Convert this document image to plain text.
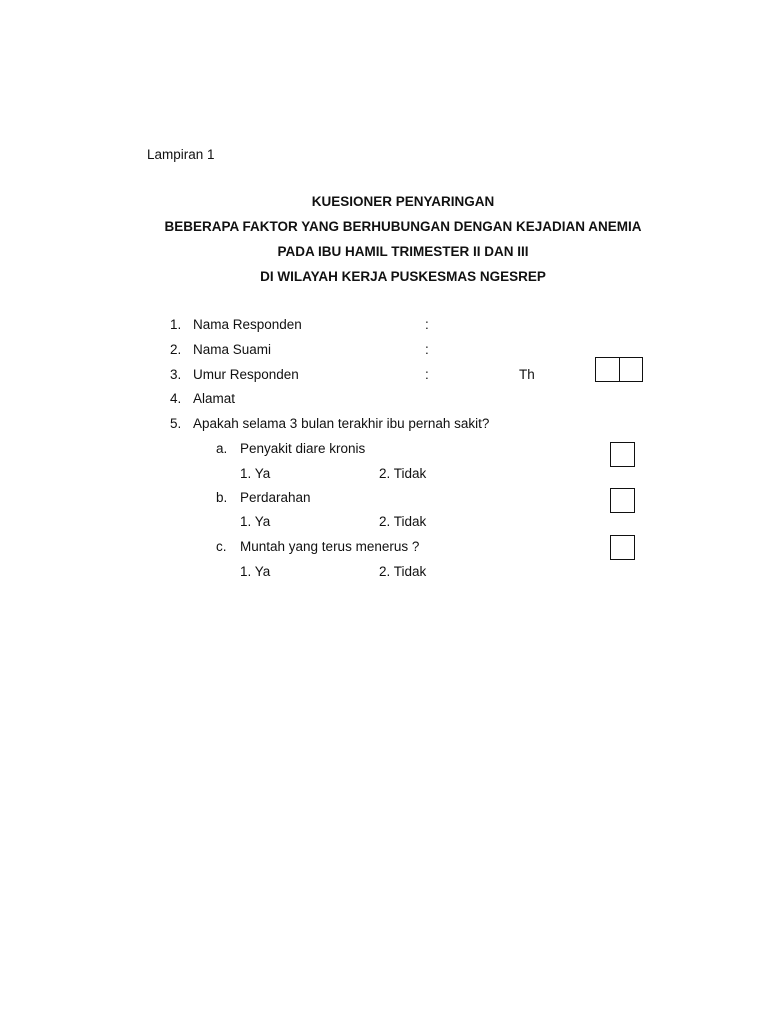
Lampiran 1
KUESIONER PENYARINGAN
BEBERAPA FAKTOR YANG BERHUBUNGAN DENGAN KEJADIAN ANEMIA
PADA IBU HAMIL TRIMESTER II DAN III
DI WILAYAH KERJA PUSKESMAS NGESREP
1. Nama Responden	:
2. Nama Suami	:
3. Umur Responden	:	Th
4. Alamat
5. Apakah selama 3 bulan terakhir ibu pernah sakit?
a. Penyakit diare kronis
1. Ya	2. Tidak
b. Perdarahan
1. Ya	2. Tidak
c. Muntah yang terus menerus ?
1. Ya	2. Tidak
